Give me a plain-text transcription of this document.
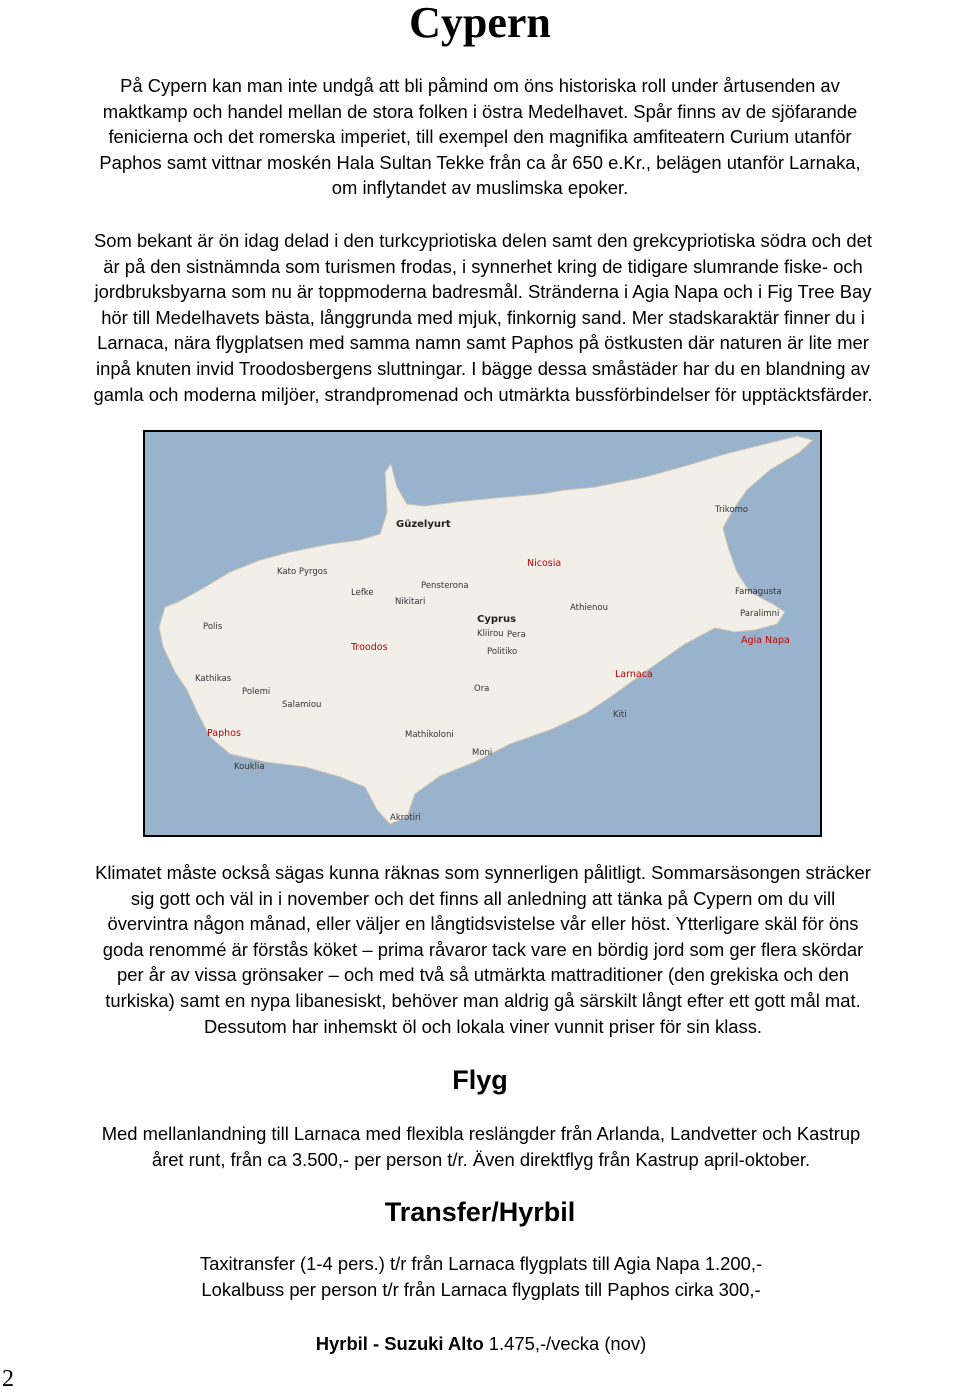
Cypern
På Cypern kan man inte undgå att bli påmind om öns historiska roll under årtusenden av
maktkamp och handel mellan de stora folken i östra Medelhavet. Spår finns av de sjöfarande
fenicierna och det romerska imperiet, till exempel den magnifika amfiteatern Curium utanför
Paphos samt vittnar moskén Hala Sultan Tekke från ca år 650 e.Kr., belägen utanför Larnaka,
om inflytandet av muslimska epoker.
Som bekant är ön idag delad i den turkcypriotiska delen samt den grekcypriotiska södra och det
är på den sistnämnda som turismen frodas, i synnerhet kring de tidigare slumrande fiske- och
jordbruksbyarna som nu är toppmoderna badresmål. Stränderna i Agia Napa och i Fig Tree Bay
hör till Medelhavets bästa, långgrunda med mjuk, finkornig sand. Mer stadskaraktär finner du i
Larnaca, nära flygplatsen med samma namn samt Paphos på östkusten där naturen är lite mer
inpå knuten invid Troodosbergens sluttningar. I bägge dessa småstäder har du en blandning av
gamla och moderna miljöer, strandpromenad och utmärkta bussförbindelser för upptäcktsfärder.
Trikomo
Güzelyurt
Kato Pyrgos
Nicosia
Pensterona
Famagusta
Lefke
Nikitari
Athienou
Paralimni
Cyprus
Polis
Kliirou Pera	Agia Napa
Troodos	Politiko
Kathikas	Larnaca
Polemi	Ora
Salamiou
Kiti
Paphos	Mathikoloni
Moni
Kouklia
Akrotiri
Klimatet måste också sägas kunna räknas som synnerligen pålitligt. Sommarsäsongen sträcker
sig gott och väl in i november och det finns all anledning att tänka på Cypern om du vill
övervintra någon månad, eller väljer en långtidsvistelse vår eller höst. Ytterligare skäl för öns
goda renommé är förstås köket – prima råvaror tack vare en bördig jord som ger flera skördar
per år av vissa grönsaker – och med två så utmärkta mattraditioner (den grekiska och den
turkiska) samt en nypa libanesiskt, behöver man aldrig gå särskilt långt efter ett gott mål mat.
Dessutom har inhemskt öl och lokala viner vunnit priser för sin klass.
Flyg
Med mellanlandning till Larnaca med flexibla reslängder från Arlanda, Landvetter och Kastrup
året runt, från ca 3.500,- per person t/r. Även direktflyg från Kastrup april-oktober.
Transfer/Hyrbil
Taxitransfer (1-4 pers.) t/r från Larnaca flygplats till Agia Napa 1.200,-
Lokalbuss per person t/r från Larnaca flygplats till Paphos cirka 300,-
Hyrbil - Suzuki Alto 1.475,-/vecka (nov)
2
